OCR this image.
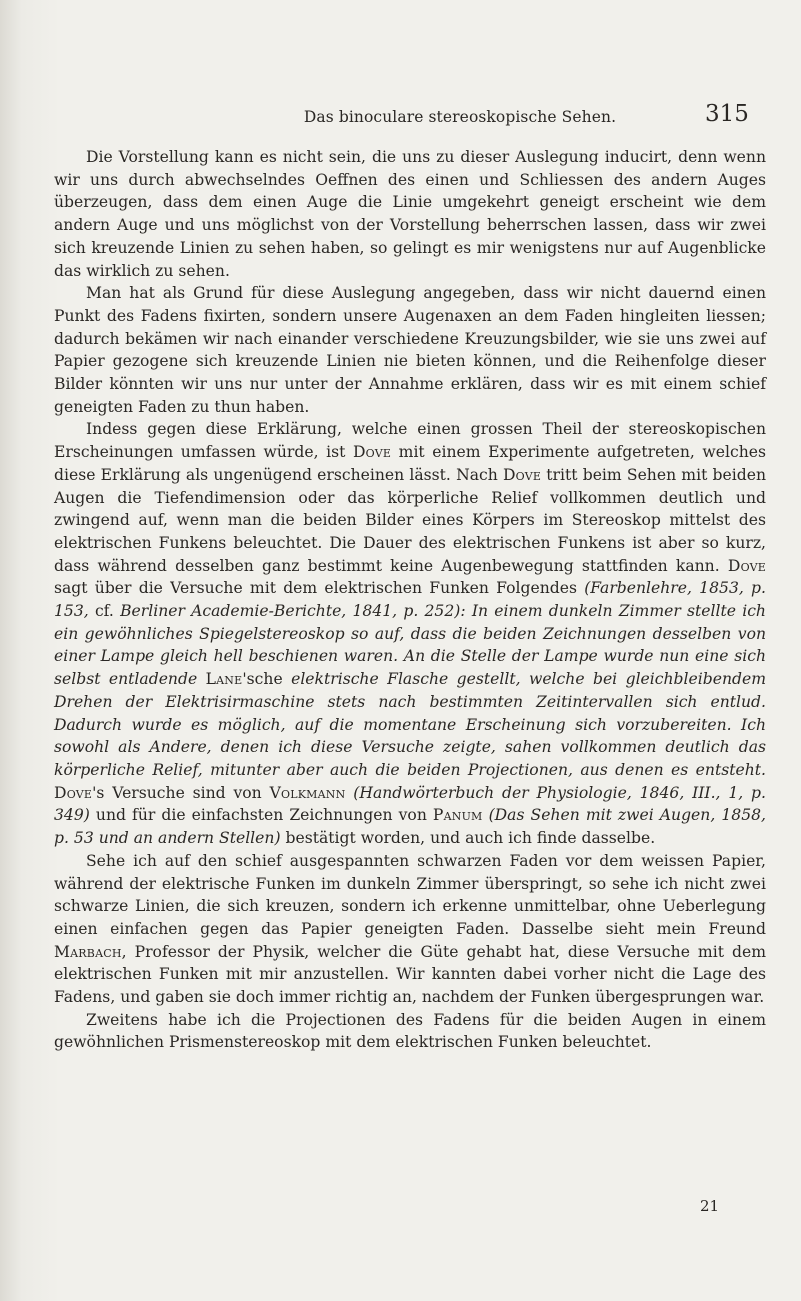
Das binoculare stereoskopische Sehen.	315

Die Vorstellung kann es nicht sein, die uns zu dieser Auslegung inducirt, denn wenn wir uns durch abwechselndes Oeffnen des einen und Schliessen des andern Auges überzeugen, dass dem einen Auge die Linie umgekehrt geneigt erscheint wie dem andern Auge und uns möglichst von der Vorstellung beherrschen lassen, dass wir zwei sich kreuzende Linien zu sehen haben, so gelingt es mir wenigstens nur auf Augenblicke das wirklich zu sehen.

Man hat als Grund für diese Auslegung angegeben, dass wir nicht dauernd einen Punkt des Fadens fixirten, sondern unsere Augenaxen an dem Faden hingleiten liessen; dadurch bekämen wir nach einander verschiedene Kreuzungsbilder, wie sie uns zwei auf Papier gezogene sich kreuzende Linien nie bieten können, und die Reihenfolge dieser Bilder könnten wir uns nur unter der Annahme erklären, dass wir es mit einem schief geneigten Faden zu thun haben.

Indess gegen diese Erklärung, welche einen grossen Theil der stereoskopischen Erscheinungen umfassen würde, ist Dove mit einem Experimente aufgetreten, welches diese Erklärung als ungenügend erscheinen lässt. Nach Dove tritt beim Sehen mit beiden Augen die Tiefendimension oder das körperliche Relief vollkommen deutlich und zwingend auf, wenn man die beiden Bilder eines Körpers im Stereoskop mittelst des elektrischen Funkens beleuchtet. Die Dauer des elektrischen Funkens ist aber so kurz, dass während desselben ganz bestimmt keine Augenbewegung stattfinden kann. Dove sagt über die Versuche mit dem elektrischen Funken Folgendes (Farbenlehre, 1853, p. 153, cf. Berliner Academie-Berichte, 1841, p. 252): In einem dunkeln Zimmer stellte ich ein gewöhnliches Spiegelstereoskop so auf, dass die beiden Zeichnungen desselben von einer Lampe gleich hell beschienen waren. An die Stelle der Lampe wurde nun eine sich selbst entladende Lane'sche elektrische Flasche gestellt, welche bei gleichbleibendem Drehen der Elektrisirmaschine stets nach bestimmten Zeitintervallen sich entlud. Dadurch wurde es möglich, auf die momentane Erscheinung sich vorzubereiten. Ich sowohl als Andere, denen ich diese Versuche zeigte, sahen vollkommen deutlich das körperliche Relief, mitunter aber auch die beiden Projectionen, aus denen es entsteht. Dove's Versuche sind von Volkmann (Handwörterbuch der Physiologie, 1846, III., 1, p. 349) und für die einfachsten Zeichnungen von Panum (Das Sehen mit zwei Augen, 1858, p. 53 und an andern Stellen) bestätigt worden, und auch ich finde dasselbe.

Sehe ich auf den schief ausgespannten schwarzen Faden vor dem weissen Papier, während der elektrische Funken im dunkeln Zimmer überspringt, so sehe ich nicht zwei schwarze Linien, die sich kreuzen, sondern ich erkenne unmittelbar, ohne Ueberlegung einen einfachen gegen das Papier geneigten Faden. Dasselbe sieht mein Freund Marbach, Professor der Physik, welcher die Güte gehabt hat, diese Versuche mit dem elektrischen Funken mit mir anzustellen. Wir kannten dabei vorher nicht die Lage des Fadens, und gaben sie doch immer richtig an, nachdem der Funken übergesprungen war.

Zweitens habe ich die Projectionen des Fadens für die beiden Augen in einem gewöhnlichen Prismenstereoskop mit dem elektrischen Funken beleuchtet.

21
